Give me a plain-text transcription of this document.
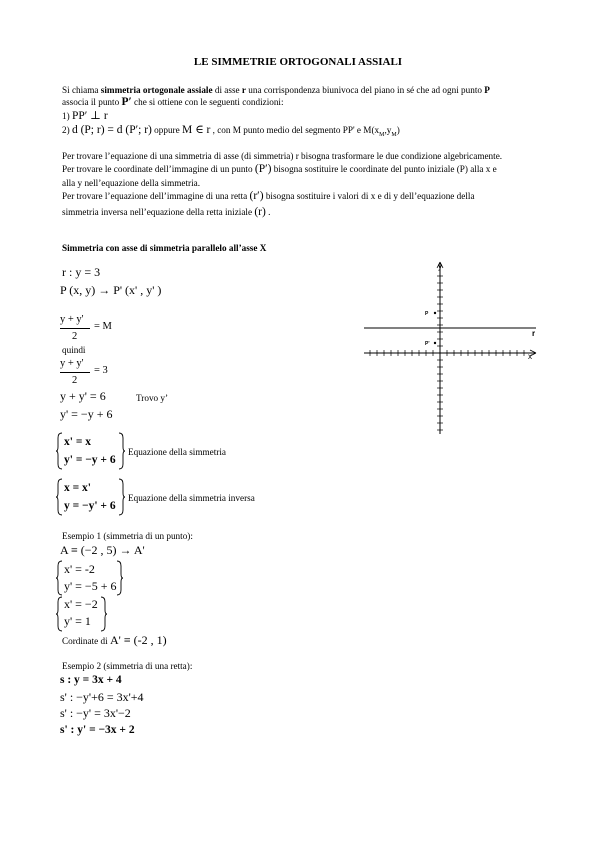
LE SIMMETRIE ORTOGONALI ASSIALI
Si chiama simmetria ortogonale assiale di asse r una corrispondenza biunivoca del piano in sé che ad ogni punto P
associa il punto P′ che si ottiene con le seguenti condizioni:
1) PP′ ⊥ r
2) d (P; r) = d (P′; r) oppure M ∈ r , con M punto medio del segmento PP' e $M(x_M,y_M)$
Per trovare l’equazione di una simmetria di asse (di simmetria) r bisogna trasformare le due condizione algebricamente.
Per trovare le coordinate dell’immagine di un punto (P′) bisogna sostituire le coordinate del punto iniziale (P) alla x e
alla y nell’equazione della simmetria.
Per trovare l’equazione dell’immagine di una retta (r′) bisogna sostituire i valori di x e di y dell’equazione della
simmetria inversa nell’equazione della retta iniziale (r) .
Simmetria con asse di simmetria parallelo all’asse X
r : y = 3
P (x, y) → P' (x' , y' )
y + y'
2
= M
quindi
y + y'
2
= 3
y + y' = 6	Trovo y’
y' = −y + 6
x' = x
y' = −y + 6
Equazione della simmetria
x = x'
y = −y' + 6
Equazione della simmetria inversa
Esempio 1 (simmetria di un punto):
A ≡ (−2 , 5) → A'
x' = -2
y' = −5 + 6
x' = −2
y' = 1
Cordinate di A' ≡ (-2 , 1)
Esempio 2 (simmetria di una retta):
s : y = 3x + 4
s' : −y'+6 = 3x'+4
s' : −y' = 3x'−2
s' : y' = −3x + 2
y
x
r
P
P'
